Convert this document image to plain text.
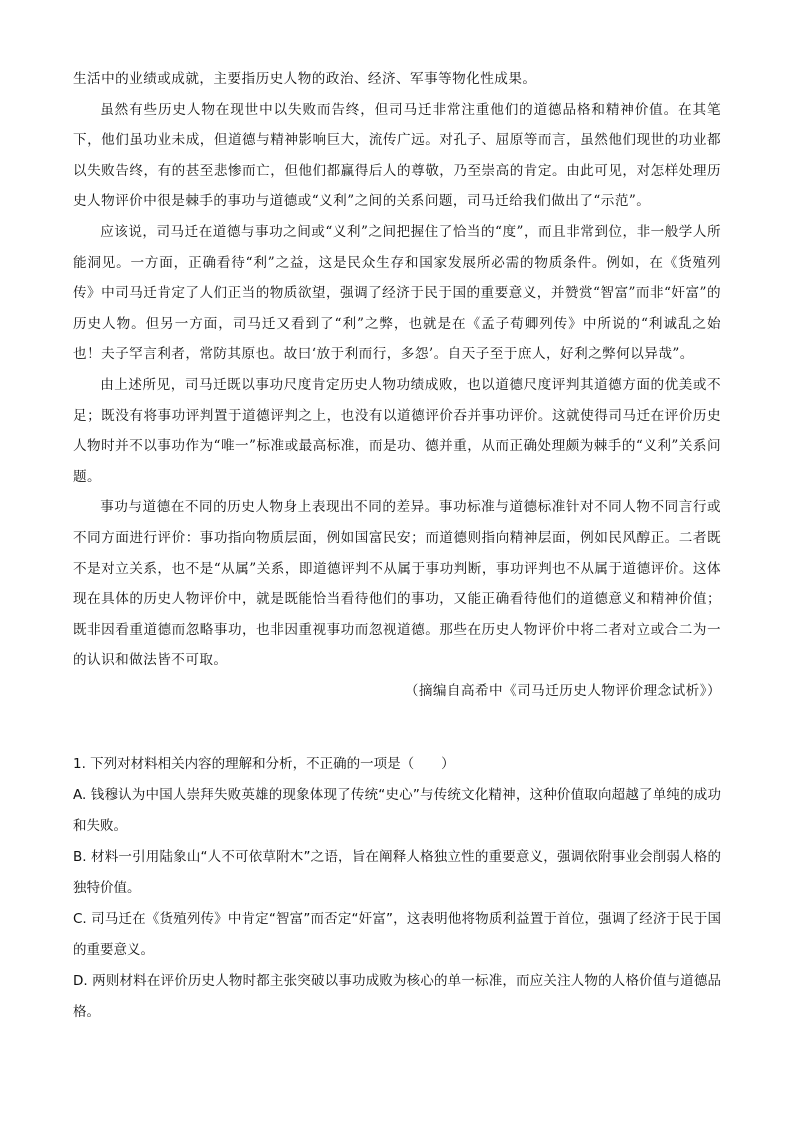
生活中的业绩或成就，主要指历史人物的政治、经济、军事等物化性成果。

虽然有些历史人物在现世中以失败而告终，但司马迁非常注重他们的道德品格和精神价值。在其笔下，他们虽功业未成，但道德与精神影响巨大，流传广远。对孔子、屈原等而言，虽然他们现世的功业都以失败告终，有的甚至悲惨而亡，但他们都赢得后人的尊敬，乃至崇高的肯定。由此可见，对怎样处理历史人物评价中很是棘手的事功与道德或“义利”之间的关系问题，司马迁给我们做出了“示范”。

应该说，司马迁在道德与事功之间或“义利”之间把握住了恰当的“度”，而且非常到位，非一般学人所能洞见。一方面，正确看待“利”之益，这是民众生存和国家发展所必需的物质条件。例如，在《货殖列传》中司马迁肯定了人们正当的物质欲望，强调了经济于民于国的重要意义，并赞赏“智富”而非“奸富”的历史人物。但另一方面，司马迁又看到了“利”之弊，也就是在《孟子荀卿列传》中所说的“利诚乱之始也！夫子罕言利者，常防其原也。故曰‘放于利而行，多怨’。自天子至于庶人，好利之弊何以异哉”。

由上述所见，司马迁既以事功尺度肯定历史人物功绩成败，也以道德尺度评判其道德方面的优美或不足；既没有将事功评判置于道德评判之上，也没有以道德评价吞并事功评价。这就使得司马迁在评价历史人物时并不以事功作为“唯一”标准或最高标准，而是功、德并重，从而正确处理颇为棘手的“义利”关系问题。

事功与道德在不同的历史人物身上表现出不同的差异。事功标准与道德标准针对不同人物不同言行或不同方面进行评价：事功指向物质层面，例如国富民安；而道德则指向精神层面，例如民风醇正。二者既不是对立关系，也不是“从属”关系，即道德评判不从属于事功判断，事功评判也不从属于道德评价。这体现在具体的历史人物评价中，就是既能恰当看待他们的事功，又能正确看待他们的道德意义和精神价值；既非因看重道德而忽略事功，也非因重视事功而忽视道德。那些在历史人物评价中将二者对立或合二为一的认识和做法皆不可取。

（摘编自高希中《司马迁历史人物评价理念试析》）

1. 下列对材料相关内容的理解和分析，不正确的一项是（　　）

A. 钱穆认为中国人崇拜失败英雄的现象体现了传统“史心”与传统文化精神，这种价值取向超越了单纯的成功和失败。

B. 材料一引用陆象山“人不可依草附木”之语，旨在阐释人格独立性的重要意义，强调依附事业会削弱人格的独特价值。

C. 司马迁在《货殖列传》中肯定“智富”而否定“奸富”，这表明他将物质利益置于首位，强调了经济于民于国的重要意义。

D. 两则材料在评价历史人物时都主张突破以事功成败为核心的单一标准，而应关注人物的人格价值与道德品格。
